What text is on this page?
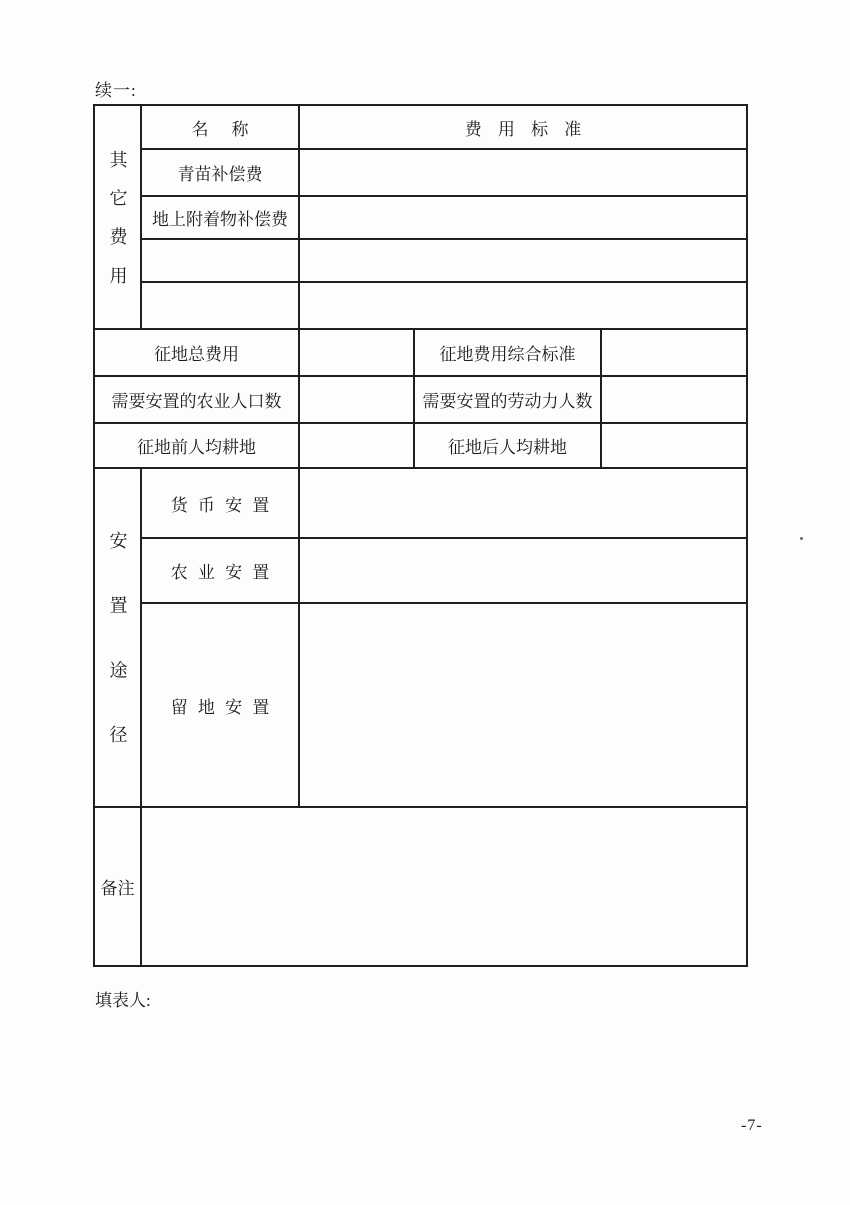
续一:
其它费用
名称	费用标准
青苗补偿费
地上附着物补偿费
征地总费用	征地费用综合标准
需要安置的农业人口数	需要安置的劳动力人数
征地前人均耕地	征地后人均耕地
安置途径
货币安置
农业安置
留地安置
备注
填表人:
-7-
